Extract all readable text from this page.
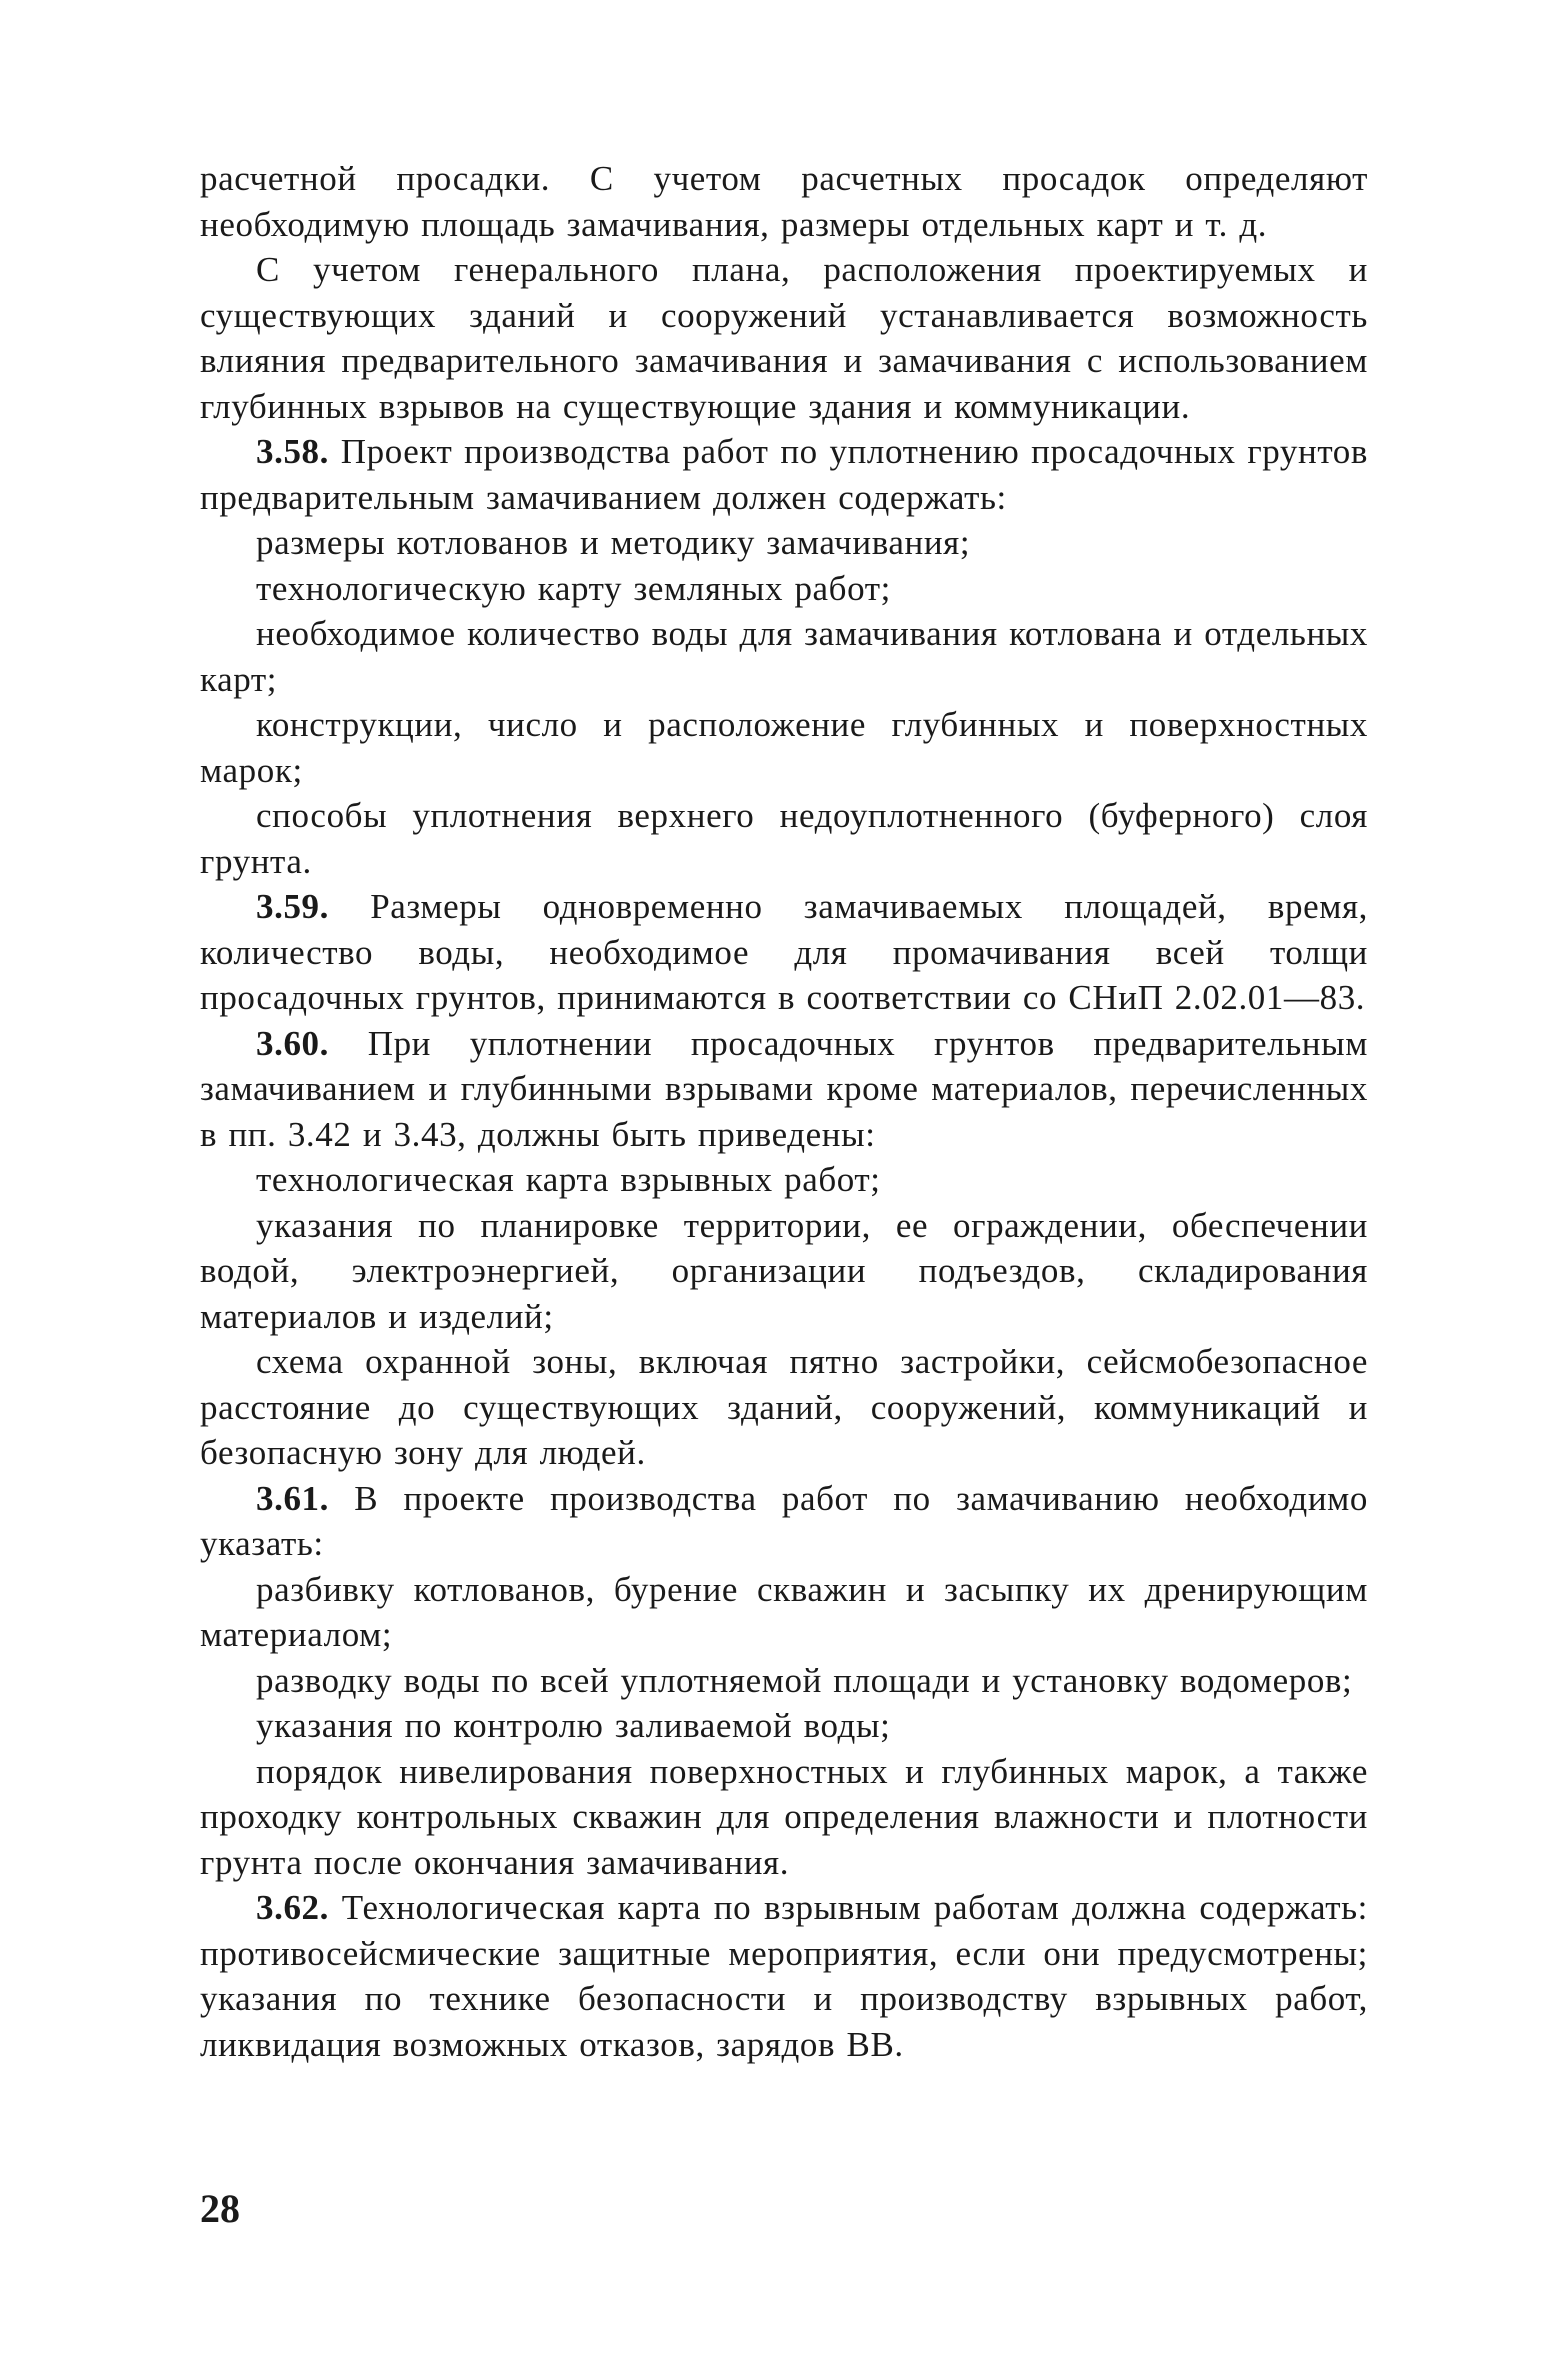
расчетной просадки. С учетом расчетных просадок определяют необходимую площадь замачивания, размеры отдельных карт и т. д.

С учетом генерального плана, расположения проектируемых и существующих зданий и сооружений устанавливается возможность влияния предварительного замачивания и замачивания с использованием глубинных взрывов на существующие здания и коммуникации.

3.58. Проект производства работ по уплотнению просадочных грунтов предварительным замачиванием должен содержать:

размеры котлованов и методику замачивания;

технологическую карту земляных работ;

необходимое количество воды для замачивания котлована и отдельных карт;

конструкции, число и расположение глубинных и поверхностных марок;

способы уплотнения верхнего недоуплотненного (буферного) слоя грунта.

3.59. Размеры одновременно замачиваемых площадей, время, количество воды, необходимое для промачивания всей толщи просадочных грунтов, принимаются в соответствии со СНиП 2.02.01—83.

3.60. При уплотнении просадочных грунтов предварительным замачиванием и глубинными взрывами кроме материалов, перечисленных в пп. 3.42 и 3.43, должны быть приведены:

технологическая карта взрывных работ;

указания по планировке территории, ее ограждении, обеспечении водой, электроэнергией, организации подъездов, складирования материалов и изделий;

схема охранной зоны, включая пятно застройки, сейсмобезопасное расстояние до существующих зданий, сооружений, коммуникаций и безопасную зону для людей.

3.61. В проекте производства работ по замачиванию необходимо указать:

разбивку котлованов, бурение скважин и засыпку их дренирующим материалом;

разводку воды по всей уплотняемой площади и установку водомеров;

указания по контролю заливаемой воды;

порядок нивелирования поверхностных и глубинных марок, а также проходку контрольных скважин для определения влажности и плотности грунта после окончания замачивания.

3.62. Технологическая карта по взрывным работам должна содержать: противосейсмические защитные мероприятия, если они предусмотрены; указания по технике безопасности и производству взрывных работ, ликвидация возможных отказов, зарядов ВВ.

28
